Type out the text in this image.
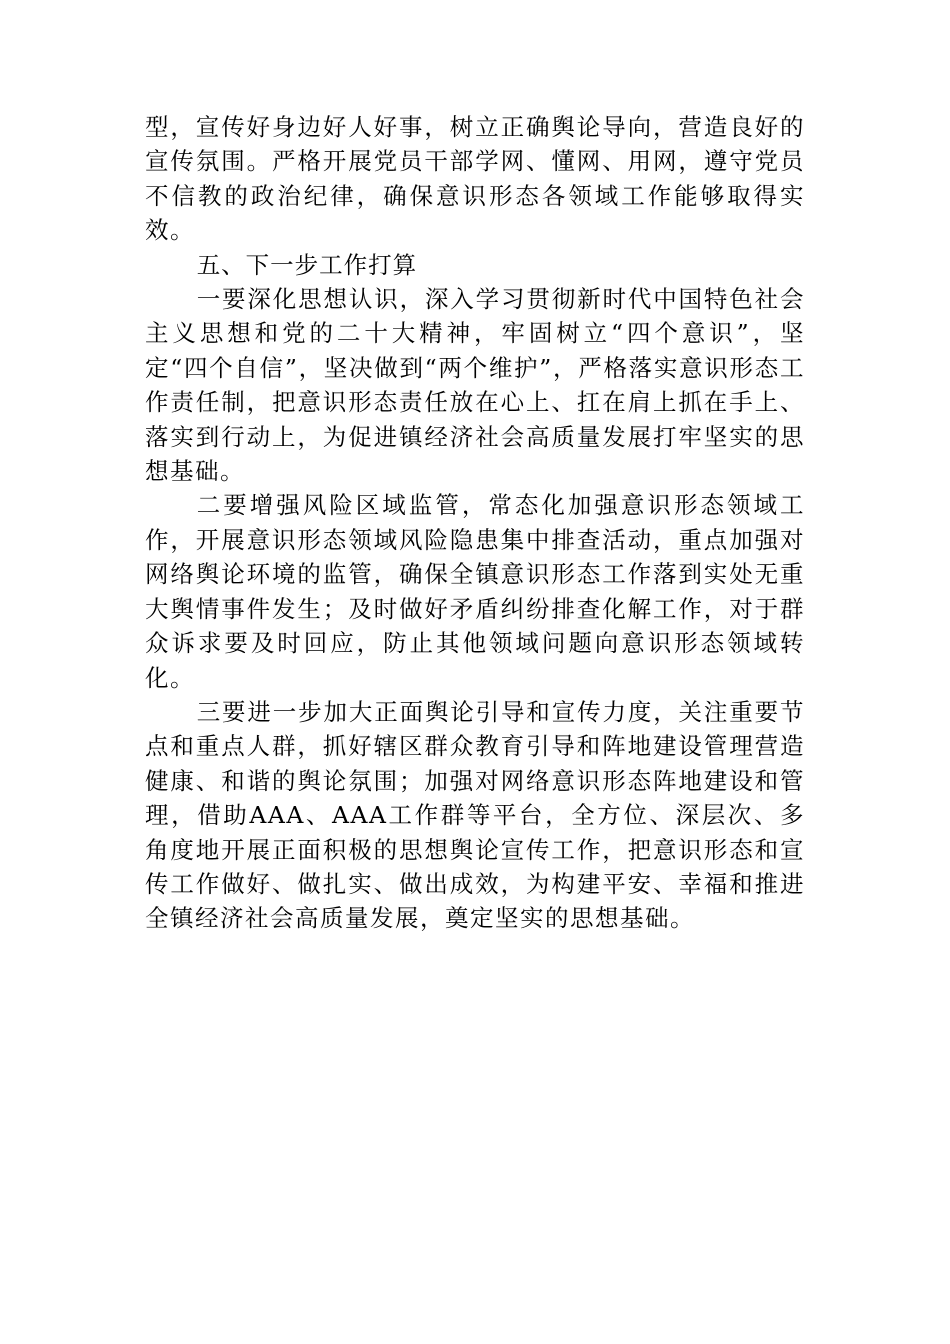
型，宣传好身边好人好事，树立正确舆论导向，营造良好的宣传氛围。严格开展党员干部学网、懂网、用网，遵守党员不信教的政治纪律，确保意识形态各领域工作能够取得实效。

五、下一步工作打算

一要深化思想认识，深入学习贯彻新时代中国特色社会主义思想和党的二十大精神，牢固树立“四个意识”，坚定“四个自信”，坚决做到“两个维护”，严格落实意识形态工作责任制，把意识形态责任放在心上、扛在肩上抓在手上、落实到行动上，为促进镇经济社会高质量发展打牢坚实的思想基础。

二要增强风险区域监管，常态化加强意识形态领域工作，开展意识形态领域风险隐患集中排查活动，重点加强对网络舆论环境的监管，确保全镇意识形态工作落到实处无重大舆情事件发生；及时做好矛盾纠纷排查化解工作，对于群众诉求要及时回应，防止其他领域问题向意识形态领域转化。

三要进一步加大正面舆论引导和宣传力度，关注重要节点和重点人群，抓好辖区群众教育引导和阵地建设管理营造健康、和谐的舆论氛围；加强对网络意识形态阵地建设和管理，借助AAA、AAA工作群等平台，全方位、深层次、多角度地开展正面积极的思想舆论宣传工作，把意识形态和宣传工作做好、做扎实、做出成效，为构建平安、幸福和推进全镇经济社会高质量发展，奠定坚实的思想基础。
